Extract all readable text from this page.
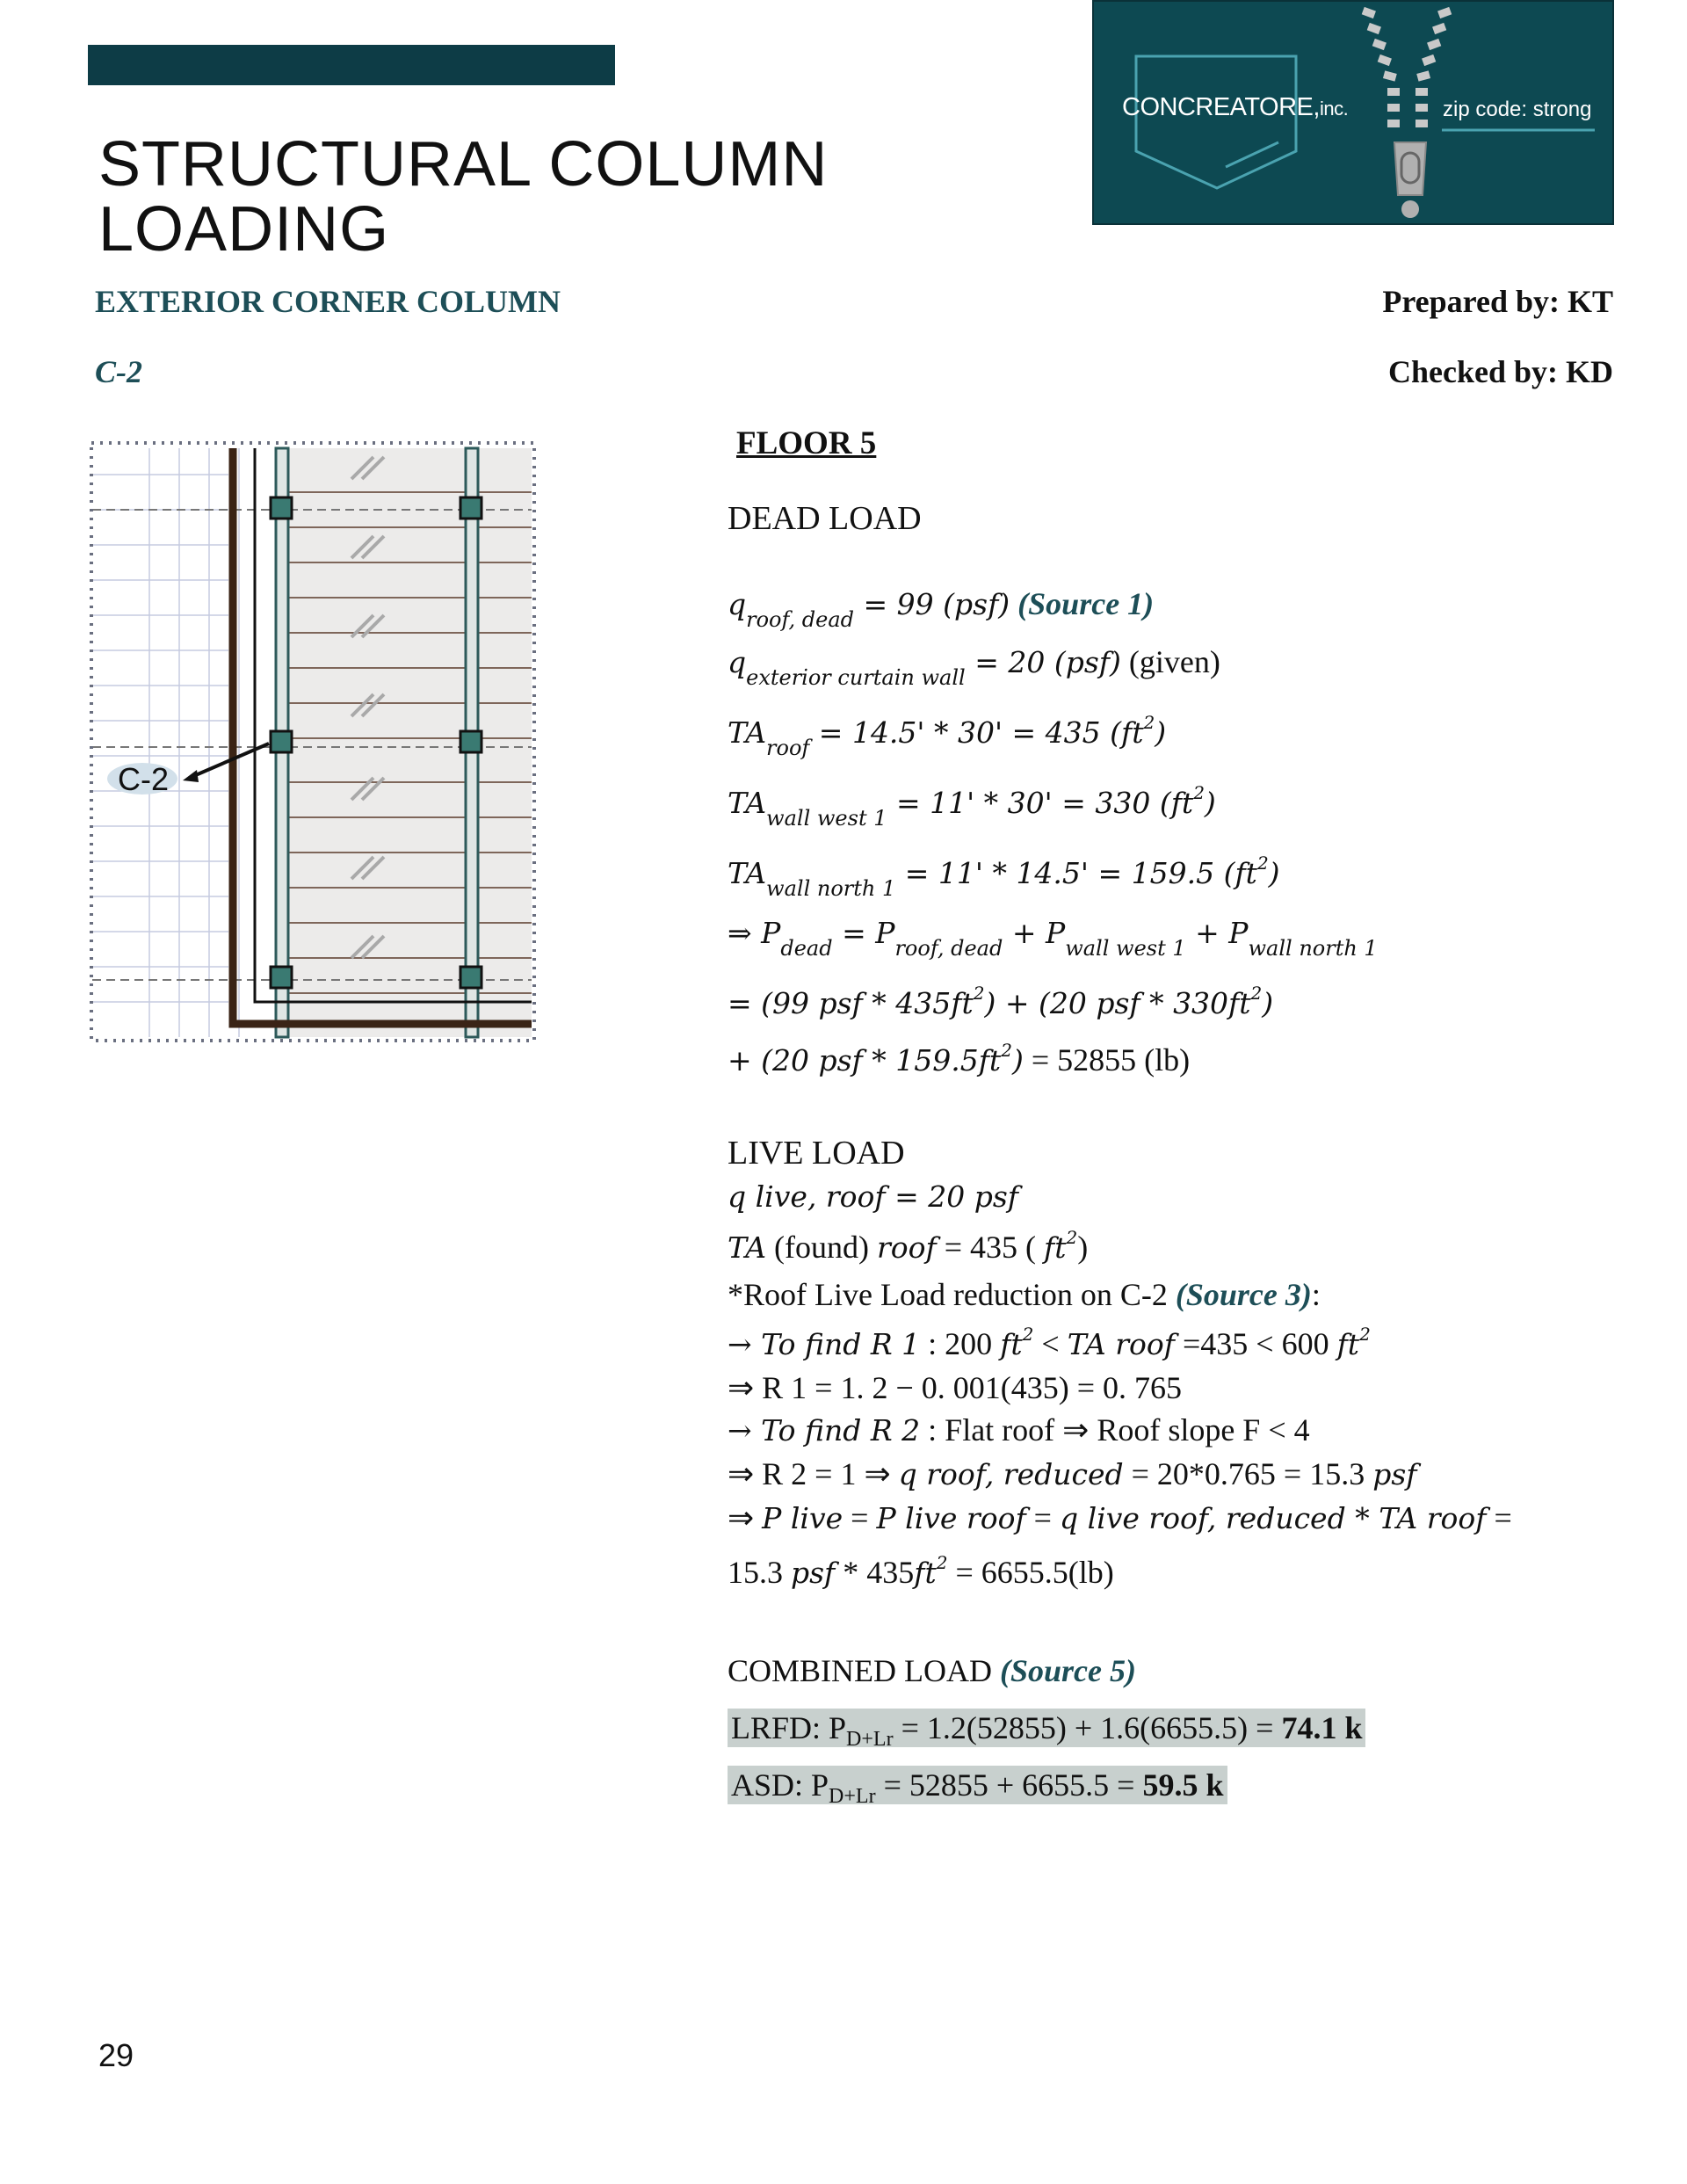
STRUCTURAL COLUMN
LOADING
CONCREATORE,inc.	zip code: strong
EXTERIOR CORNER COLUMN	Prepared by: KT
C-2	Checked by: KD
C-2
FLOOR 5
DEAD LOAD
$q_{roof, dead} = 99$ (psf) (Source 1)
$q_{exterior curtain wall} = 20$ (psf) (given)
$TA_{roof} = 14.5' * 30' = 435$ $(ft^2)$
$TA_{wall west 1} = 11' * 30' = 330$ $(ft^2)$
$TA_{wall north 1} = 11' * 14.5' = 159.5$ $(ft^2)$
⇒ $P_{dead} = P_{roof, dead} + P_{wall west 1} + P_{wall north 1}$
= (99 psf * $435ft^2) + (20$ psf * $330ft^2$)
+ (20 psf * $159.5ft^2) = 52855$ (lb)
LIVE LOAD
q live, roof = 20 psf
TA (found) roof = 435 ( $ft^2$)
*Roof Live Load reduction on C-2 (Source 3):
→ To find R 1 : 200 $ft^2$ < TA roof =435 < 600 $ft^2$
⇒ R 1 = 1. 2 − 0. 001(435) = 0. 765
→ To find R 2 : Flat roof ⇒ Roof slope F < 4
⇒ R 2 = 1 ⇒ q roof, reduced = 20*0.765 = 15.3 psf
⇒ P live = P live roof = q live roof, reduced * TA roof =
15.3 psf * $435ft^2 = 6655.5(lb)$
COMBINED LOAD (Source 5)
LRFD: $P_{D+Lr} = 1.2(52855) + 1.6(6655.5) = 74.1$ k
ASD: $P_{D+Lr} = 52855 + 6655.5 = 59.5$ k
29
